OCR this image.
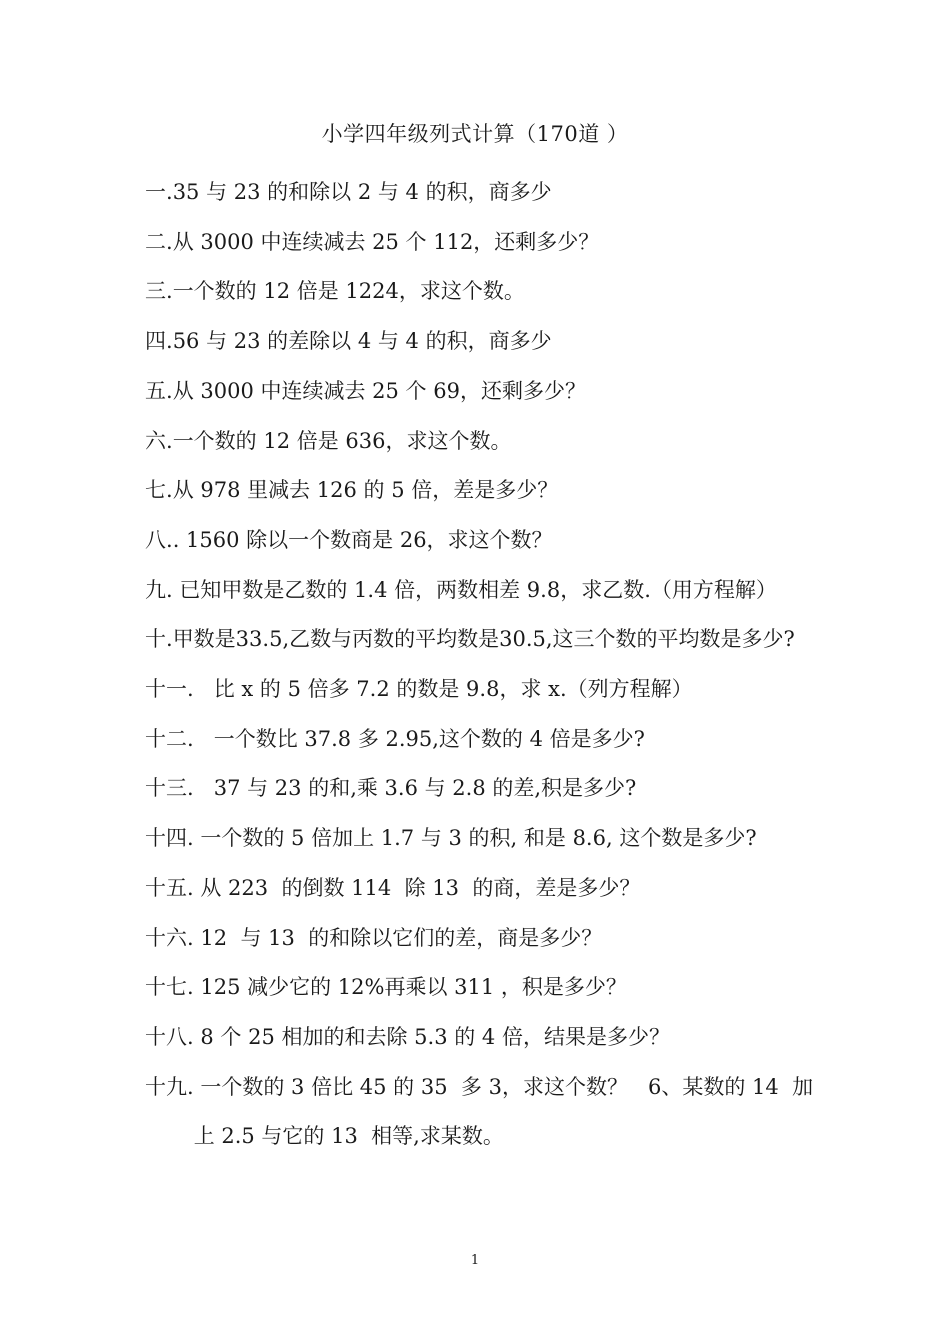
小学四年级列式计算（170道 ）
一. 35 与 23 的和除以 2 与 4 的积，商多少
二. 从 3000 中连续减去 25 个 112，还剩多少？
三. 一个数的 12 倍是 1224，求这个数。
四. 56 与 23 的差除以 4 与 4 的积，商多少
五. 从 3000 中连续减去 25 个 69，还剩多少？
六. 一个数的 12 倍是 636，求这个数。
七. 从 978 里减去 126 的 5 倍，差是多少？
八. . 1560 除以一个数商是 26，求这个数？
九. 已知甲数是乙数的 1.4 倍，两数相差 9.8，求乙数.（用方程解）
十. 甲数是33.5,乙数与丙数的平均数是30.5,这三个数的平均数是多少?
十一. 比 x 的 5 倍多 7.2 的数是 9.8，求 x.（列方程解）
十二. 一个数比 37.8 多 2.95,这个数的 4 倍是多少?
十三. 37 与 23 的和,乘 3.6 与 2.8 的差,积是多少?
十四. 一个数的 5 倍加上 1.7 与 3 的积, 和是 8.6, 这个数是多少?
十五. 从 223  的倒数 114  除 13  的商，差是多少？
十六. 12  与 13  的和除以它们的差，商是多少？
十七. 125 减少它的 12%再乘以 311 ，积是多少？
十八. 8 个 25 相加的和去除 5.3 的 4 倍，结果是多少？
十九. 一个数的 3 倍比 45 的 35  多 3，求这个数？   6、某数的 14  加上 2.5 与它的 13  相等,求某数。
1
